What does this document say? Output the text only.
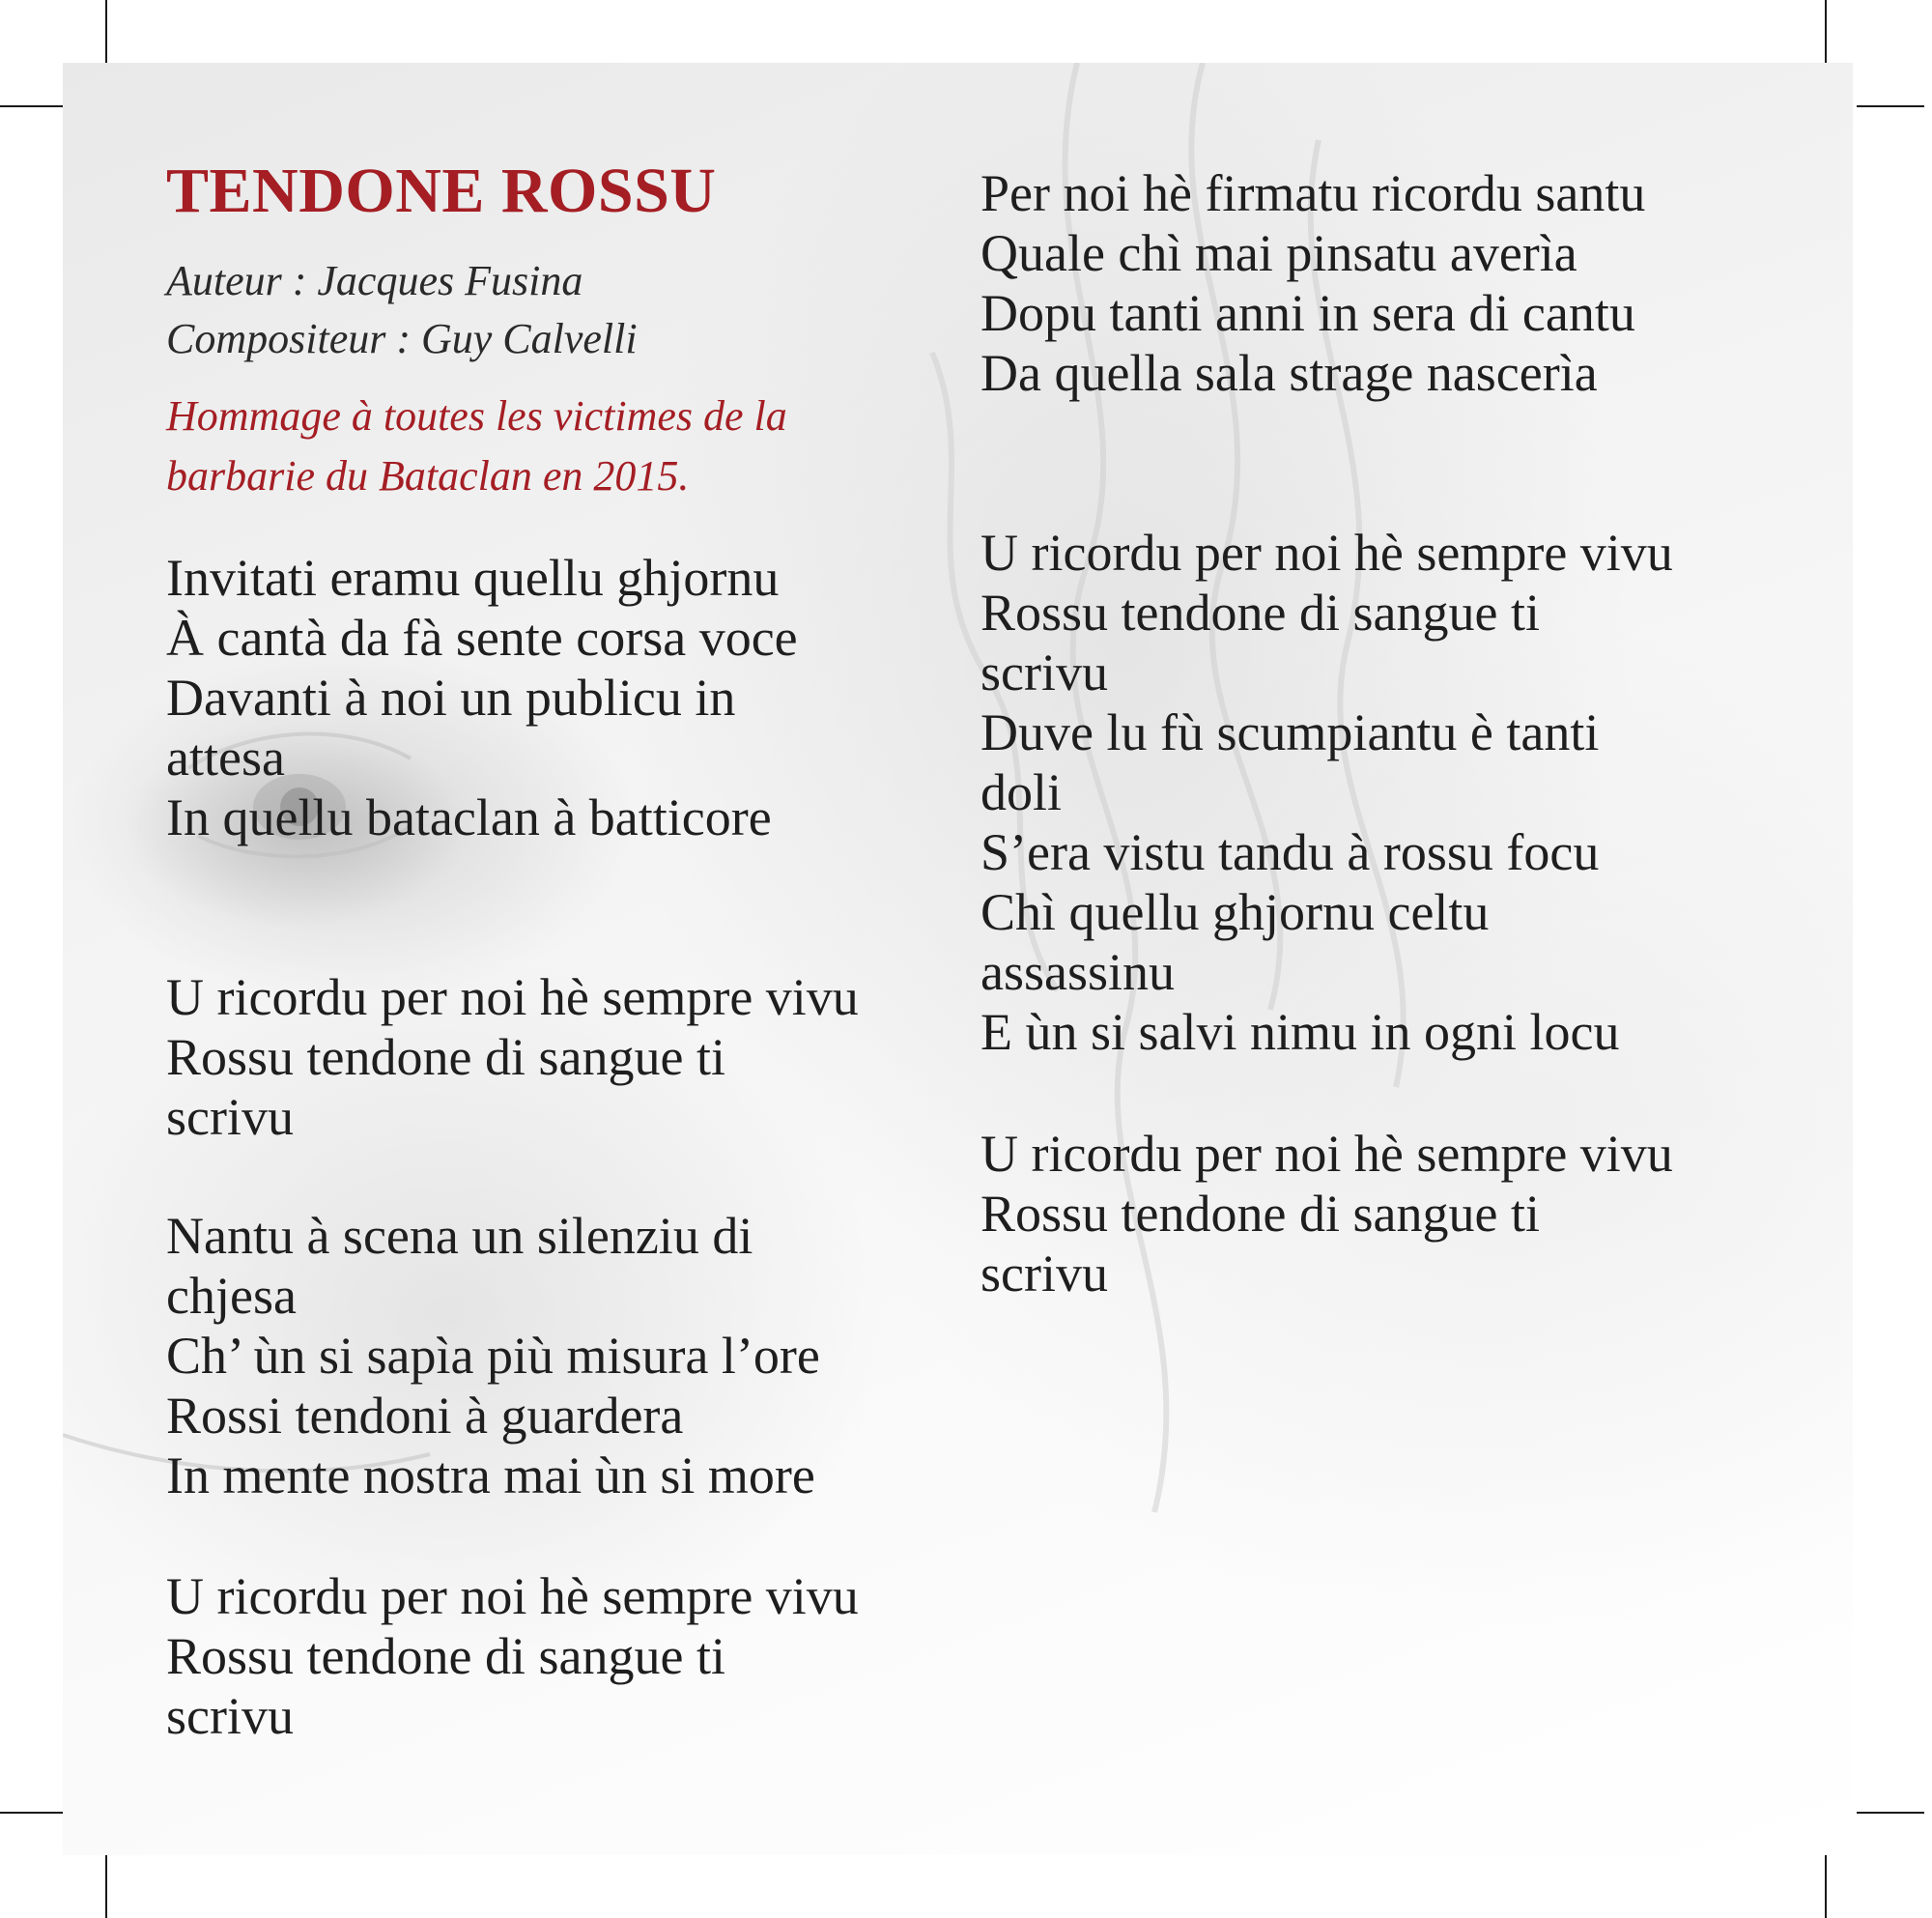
TENDONE ROSSU
Auteur : Jacques Fusina
Compositeur : Guy Calvelli
Hommage à toutes les victimes de la
barbarie du Bataclan en 2015.
Invitati eramu quellu ghjornu
À cantà da fà sente corsa voce
Davanti à noi un publicu in
attesa
In quellu bataclan à batticore
U ricordu per noi hè sempre vivu
Rossu tendone di sangue ti
scrivu
Nantu à scena un silenziu di
chjesa
Ch’ ùn si sapìa più misura l’ore
Rossi tendoni à guardera
In mente nostra mai ùn si more
U ricordu per noi hè sempre vivu
Rossu tendone di sangue ti
scrivu
Per noi hè firmatu ricordu santu
Quale chì mai pinsatu averìa
Dopu tanti anni in sera di cantu
Da quella sala strage nascerìa
U ricordu per noi hè sempre vivu
Rossu tendone di sangue ti
scrivu
Duve lu fù scumpiantu è tanti
doli
S’era vistu tandu à rossu focu
Chì quellu ghjornu celtu
assassinu
E ùn si salvi nimu in ogni locu
U ricordu per noi hè sempre vivu
Rossu tendone di sangue ti
scrivu
